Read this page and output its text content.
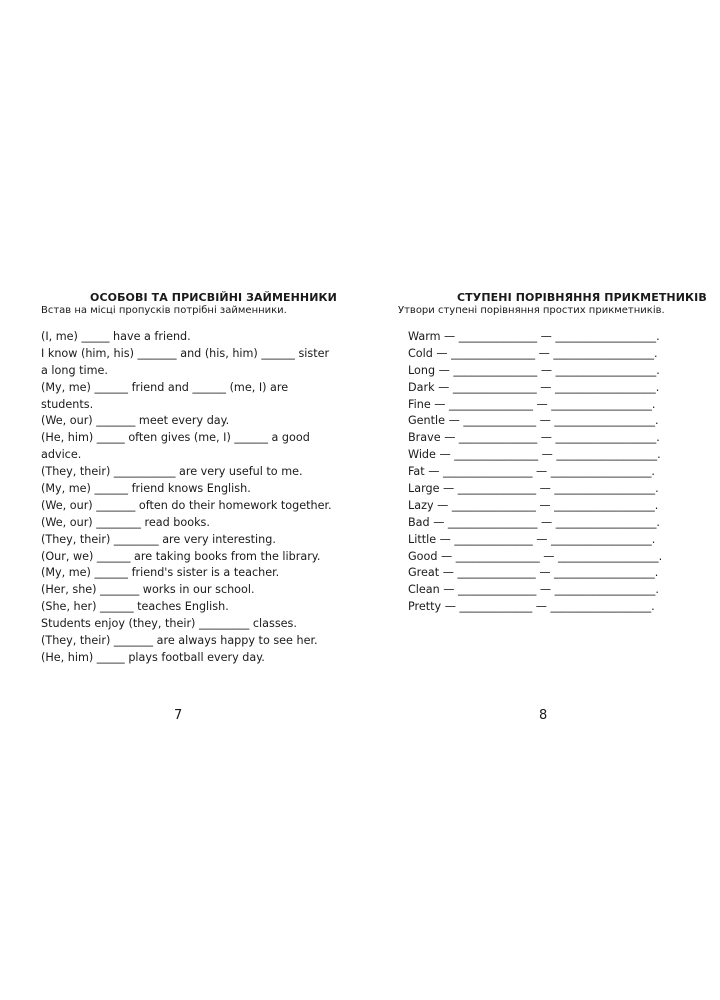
ОСОБОВІ ТА ПРИСВІЙНІ ЗАЙМЕННИКИ
Встав на місці пропусків потрібні займенники.
(I, me) _____ have a friend.
I know (him, his) _______ and (his, him) ______ sister
a long time.
(My, me) ______ friend and ______ (me, I) are
students.
(We, our) _______ meet every day.
(He, him) _____ often gives (me, I) ______ a good
advice.
(They, their) ___________ are very useful to me.
(My, me) ______ friend knows English.
(We, our) _______ often do their homework together.
(We, our) ________ read books.
(They, their) ________ are very interesting.
(Our, we) ______ are taking books from the library.
(My, me) ______ friend's sister is a teacher.
(Her, she) _______ works in our school.
(She, her) ______ teaches English.
Students enjoy (they, their) _________ classes.
(They, their) _______ are always happy to see her.
(He, him) _____ plays football every day.
7
СТУПЕНІ ПОРІВНЯННЯ ПРИКМЕТНИКІВ
Утвори ступені порівняння простих прикметників.
Warm — ______________ — __________________.
Cold — _______________ — __________________.
Long — _______________ — __________________.
Dark — _______________ — __________________.
Fine — _______________ — __________________.
Gentle — _____________ — __________________.
Brave — ______________ — __________________.
Wide — _______________ — __________________.
Fat — ________________ — __________________.
Large — ______________ — __________________.
Lazy — _______________ — __________________.
Bad — ________________ — __________________.
Little — ______________ — __________________.
Good — _______________ — __________________.
Great — ______________ — __________________.
Clean — ______________ — __________________.
Pretty — _____________ — __________________.
8
